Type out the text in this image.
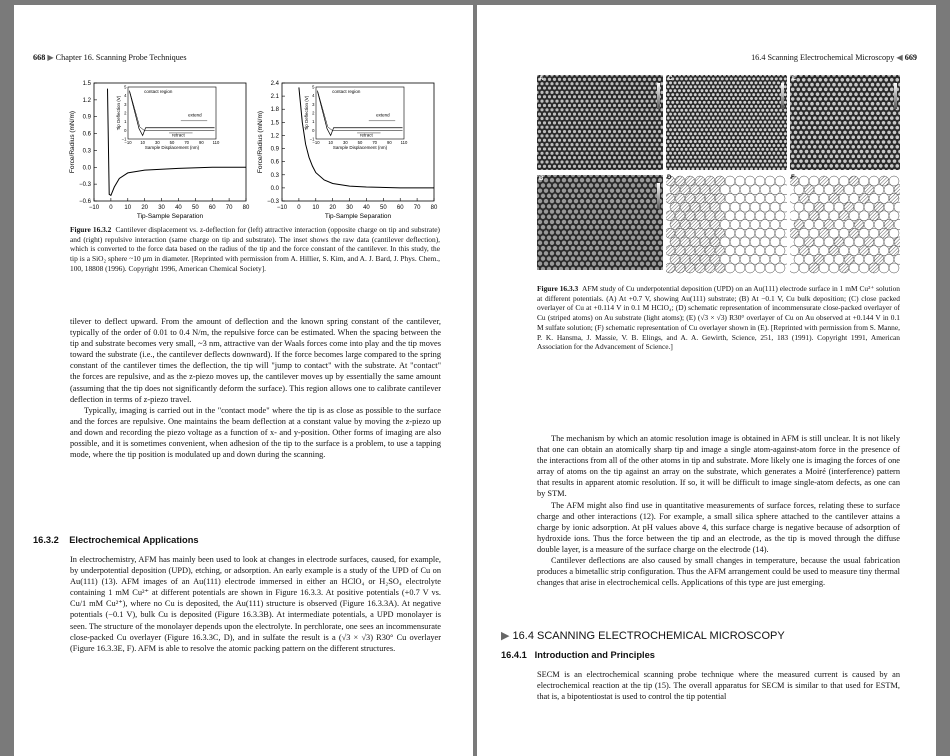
668 ▶ Chapter 16. Scanning Probe Techniques
−10 0 10 20 30 40 50 60 70 80
−0.6
−0.3
0.0
0.3
0.6
0.9
1.2
1.5
Tip-Sample Separation
Force/Radius (mN/m)	−10 10 30 50 70 90 110
−1
0
1
2
3
4
5
Sample Displacement (nm)
Tip Deflection (V)
contact region
extend
retract
−10 0 10 20 30 40 50 60 70 80
−0.3
0.0
0.3
0.6
0.9
1.2
1.5
1.8
2.1
2.4
Tip-Sample Separation
Force/Radius (mN/m)	−10 10 30 50 70 90 110
−1
0
1
2
3
4
5
Sample Displacement (nm)
Tip Deflection (V)
contact region
extend
retract
Figure 16.3.2 Cantilever displacement vs. z-deflection for (left) attractive interaction (opposite charge on tip and substrate) and (right) repulsive interaction (same charge on tip and substrate). The inset shows the raw data (cantilever deflection), which is converted to the force data based on the radius of the tip and the force constant of the cantilever. In this study, the tip is a SiO₂ sphere ~10 μm in diameter. [Reprinted with permission from A. Hillier, S. Kim, and A. J. Bard, J. Phys. Chem., 100, 18808 (1996). Copyright 1996, American Chemical Society].

tilever to deflect upward. From the amount of deflection and the known spring constant of the cantilever, typically of the order of 0.01 to 0.4 N/m, the repulsive force can be estimated. When the spacing between the tip and substrate becomes very small, ~3 nm, attractive van der Waals forces come into play and the tip moves toward the substrate (i.e., the cantilever deflects downward). If the force becomes large compared to the spring constant of the cantilever times the deflection, the tip will "jump to contact" with the substrate. At "contact" the forces are repulsive, and as the z-piezo moves up, the cantilever moves up by essentially the same amount (assuming that the tip does not significantly deform the surface). This region allows one to calibrate cantilever deflection in terms of z-piezo travel.

Typically, imaging is carried out in the "contact mode" where the tip is as close as possible to the surface and the forces are repulsive. One maintains the beam deflection at a constant value by moving the z-piezo up and down and recording the piezo voltage as a function of x- and y-position. Other forms of imaging are also possible, and it is sometimes convenient, when adhesion of the tip to the surface is a problem, to use a tapping mode, where the tip position is modulated up and down during the scanning.

16.3.2 Electrochemical Applications

In electrochemistry, AFM has mainly been used to look at changes in electrode surfaces, caused, for example, by underpotential deposition (UPD), etching, or adsorption. An early example is a study of the UPD of Cu on Au(111) (13). AFM images of an Au(111) electrode immersed in either an HClO₄ or H₂SO₄ electrolyte containing 1 mM Cu²⁺ at different potentials are shown in Figure 16.3.3. At positive potentials (+0.7 V vs. Cu/1 mM Cu²⁺), where no Cu is deposited, the Au(111) structure is observed (Figure 16.3.3A). At negative potentials (−0.1 V), bulk Cu is deposited (Figure 16.3.3B). At intermediate potentials, a UPD monolayer is seen. The structure of the monolayer depends upon the electrolyte. In perchlorate, one sees an incommensurate close-packed Cu overlayer (Figure 16.3.3C, D), and in sulfate the result is a (√3 × √3) R30° Cu overlayer (Figure 16.3.3E, F). AFM is able to resolve the atomic packing pattern on the different structures.

16.4 Scanning Electrochemical Microscopy ◀ 669
A	C	E
B	D	F
Figure 16.3.3 AFM study of Cu underpotential deposition (UPD) on an Au(111) electrode surface in 1 mM Cu²⁺ solution at different potentials. (A) At +0.7 V, showing Au(111) substrate; (B) At −0.1 V, Cu bulk deposition; (C) close packed overlayer of Cu at +0.114 V in 0.1 M HClO₄; (D) schematic representation of incommensurate close-packed overlayer of Cu (striped atoms) on Au substrate (light atoms); (E) (√3 × √3) R30° overlayer of Cu on Au observed at +0.144 V in 0.1 M sulfate solution; (F) schematic representation of Cu overlayer shown in (E). [Reprinted with permission from S. Manne, P. K. Hansma, J. Massie, V. B. Elings, and A. A. Gewirth, Science, 251, 183 (1991). Copyright 1991, American Association for the Advancement of Science.]

The mechanism by which an atomic resolution image is obtained in AFM is still unclear. It is not likely that one can obtain an atomically sharp tip and image a single atom-against-atom force in the presence of the interactions from all of the other atoms in tip and substrate. More likely one is imaging the forces of one array of atoms on the tip against an array on the substrate, which generates a Moiré (interference) pattern that results in apparent atomic resolution. If so, it will be difficult to image single-atom defects, as one can by STM.

The AFM might also find use in quantitative measurements of surface forces, relating these to surface charge and other interactions (12). For example, a small silica sphere attached to the cantilever attains a charge by ionic adsorption. At pH values above 4, this surface charge is negative because of adsorption of hydroxide ions. Thus the force between the tip and an electrode, as the tip is moved through the diffuse double layer, is a measure of the surface charge on the electrode (14).

Cantilever deflections are also caused by small changes in temperature, because the usual fabrication produces a bimetallic strip configuration. Thus the AFM arrangement could be used to measure tiny thermal changes that arise in electrochemical cells. Applications of this type are just emerging.

▶ 16.4 SCANNING ELECTROCHEMICAL MICROSCOPY
16.4.1 Introduction and Principles

SECM is an electrochemical scanning probe technique where the measured current is caused by an electrochemical reaction at the tip (15). The overall apparatus for SECM is similar to that used for ESTM, that is, a bipotentiostat is used to control the tip potential
